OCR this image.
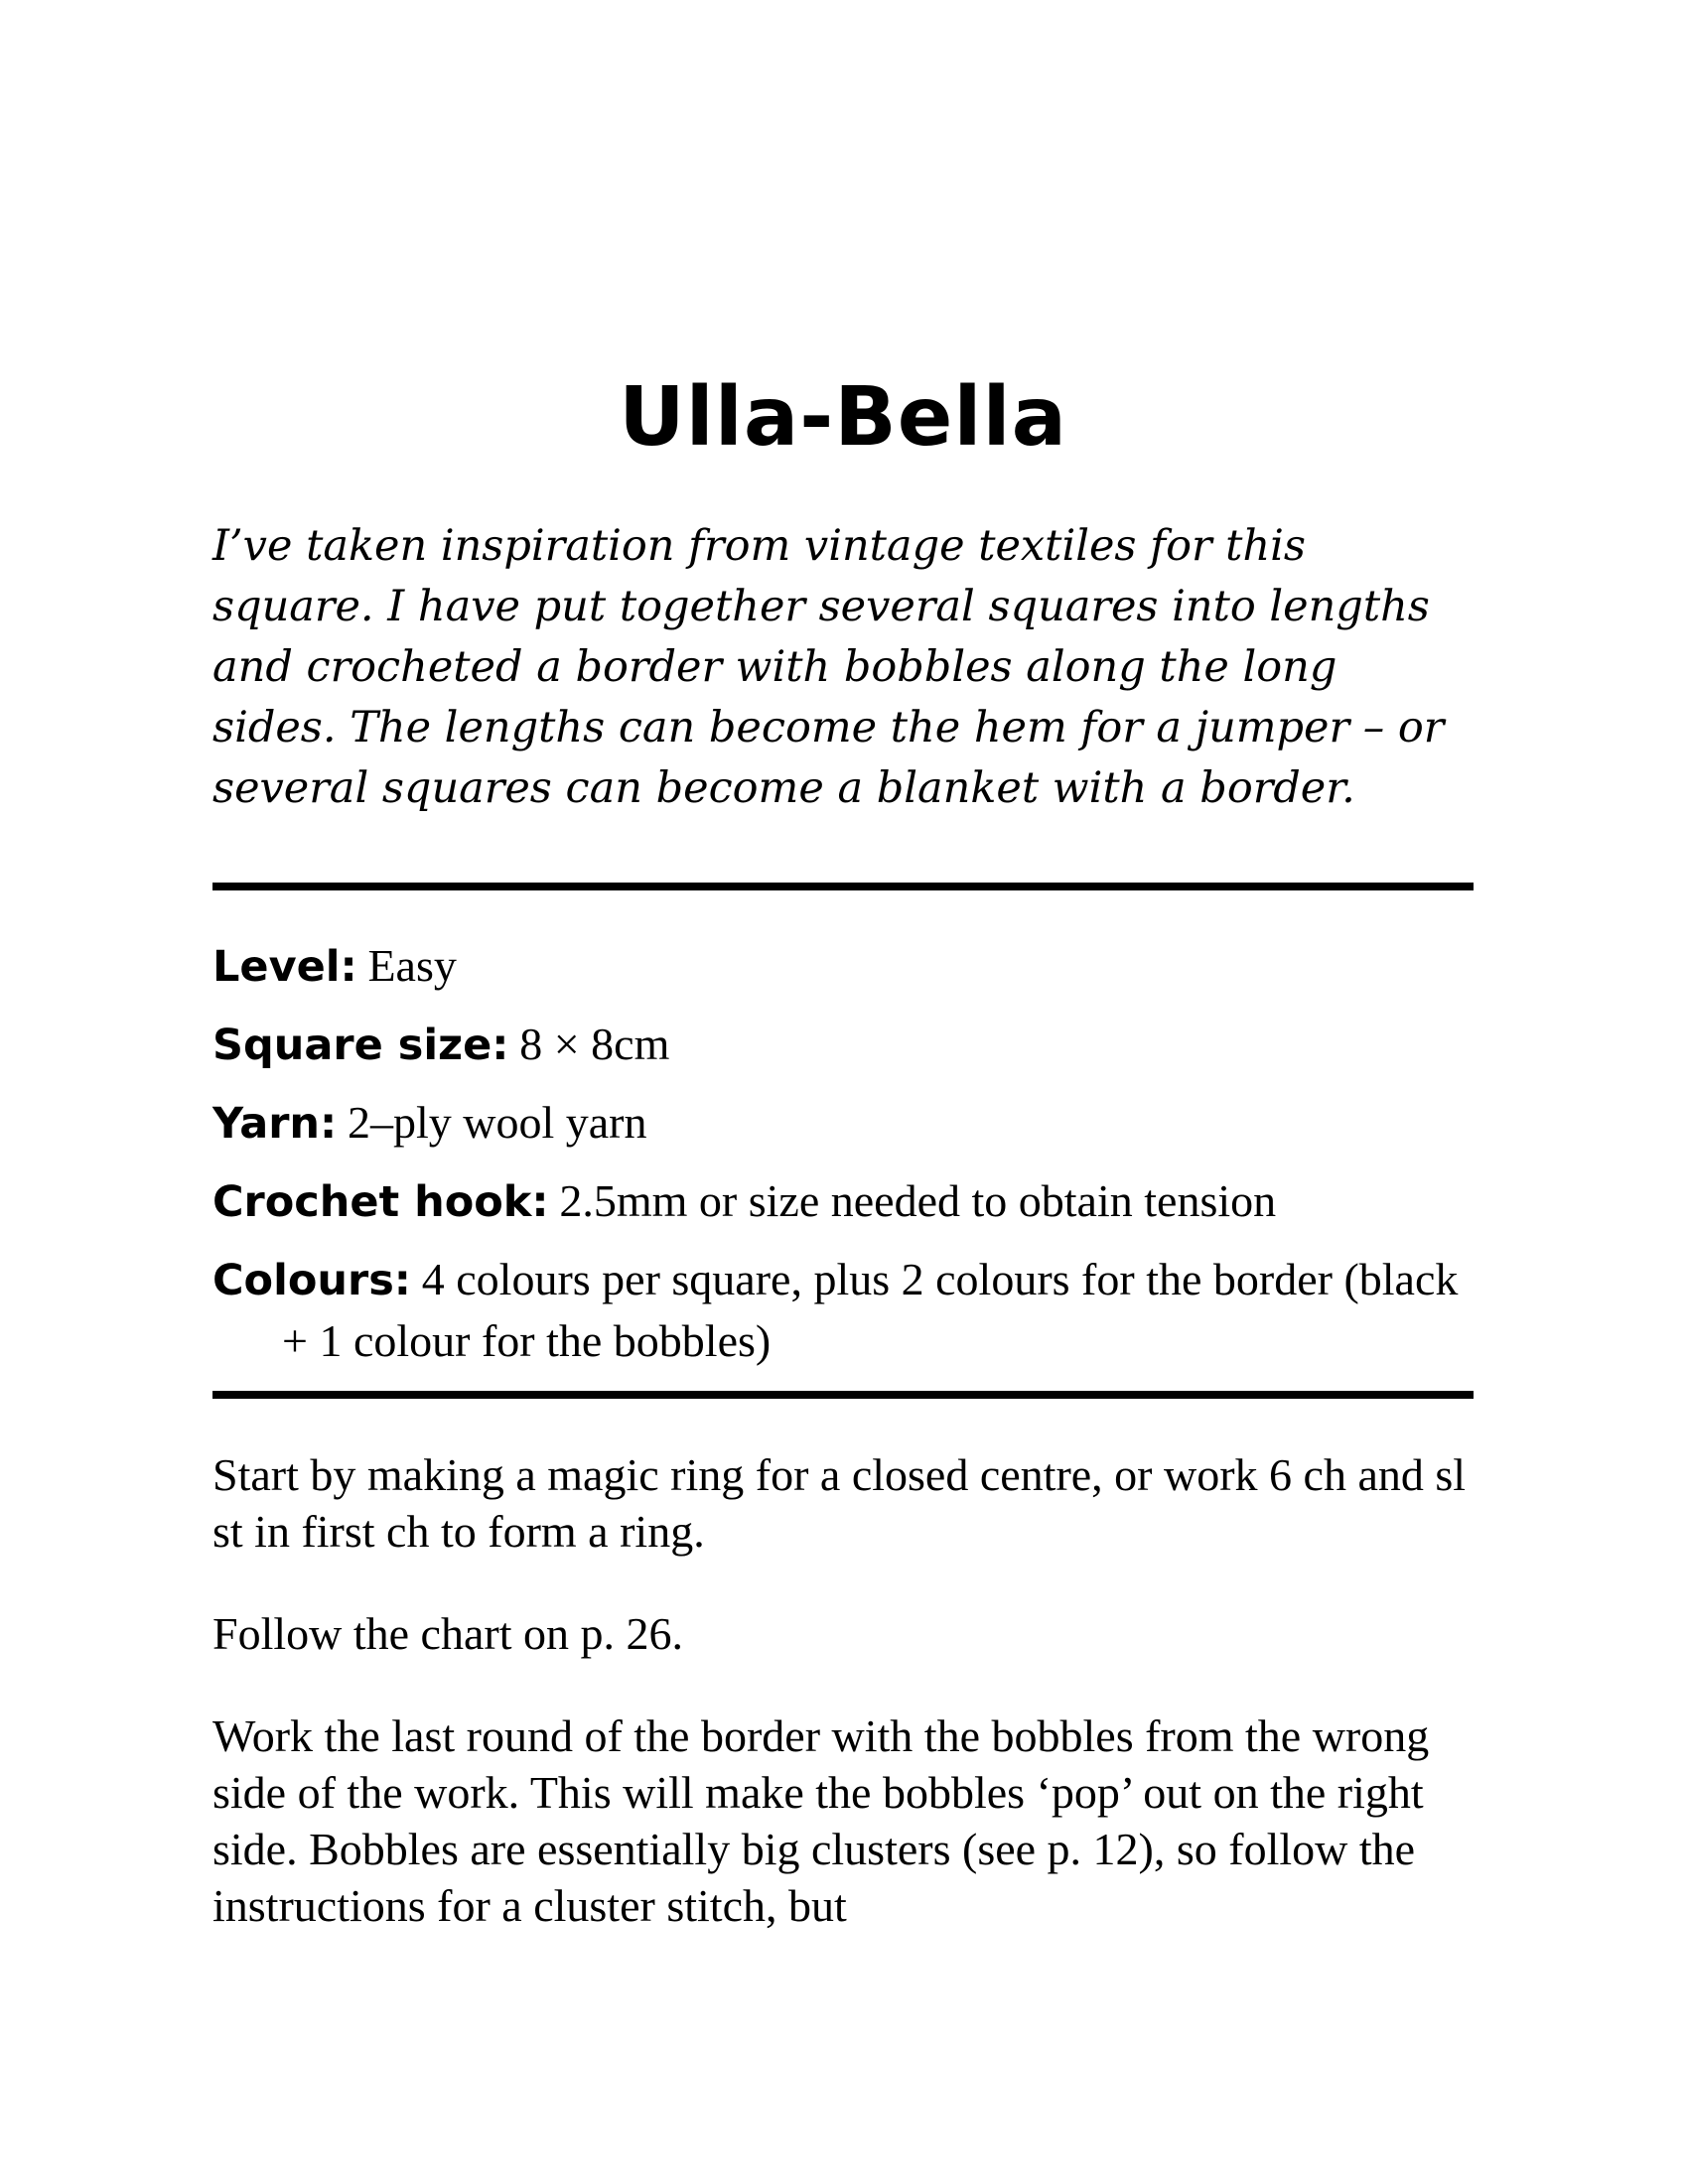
Ulla-Bella

I’ve taken inspiration from vintage textiles for this square. I have put together several squares into lengths and crocheted a border with bobbles along the long sides. The lengths can become the hem for a jumper – or several squares can become a blanket with a border.

Level: Easy
Square size: 8 × 8cm
Yarn: 2–ply wool yarn
Crochet hook: 2.5mm or size needed to obtain tension
Colours: 4 colours per square, plus 2 colours for the border (black + 1 colour for the bobbles)

Start by making a magic ring for a closed centre, or work 6 ch and sl st in first ch to form a ring.

Follow the chart on p. 26.

Work the last round of the border with the bobbles from the wrong side of the work. This will make the bobbles ‘pop’ out on the right side. Bobbles are essentially big clusters (see p. 12), so follow the instructions for a cluster stitch, but
